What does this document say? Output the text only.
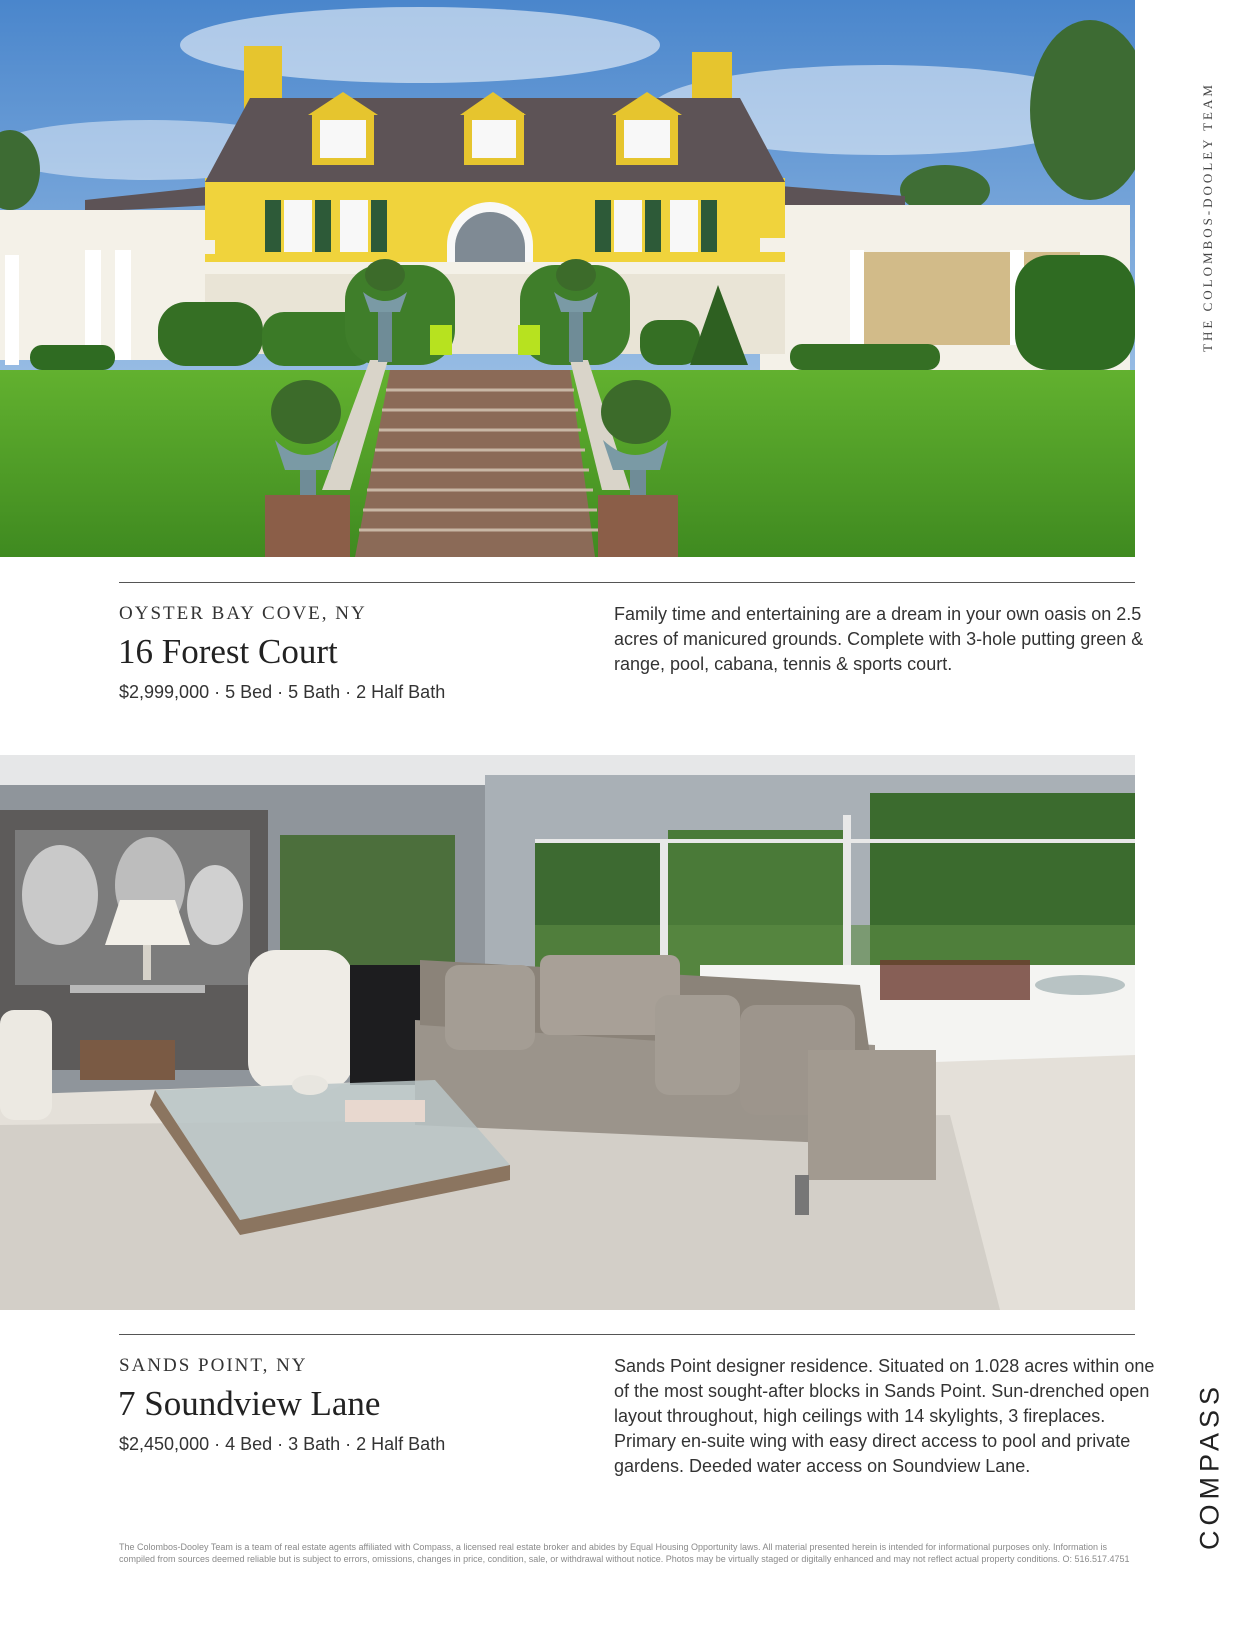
OYSTER BAY COVE, NY
16 Forest Court
$2,999,000 · 5 Bed · 5 Bath · 2 Half Bath
Family time and entertaining are a dream in your own oasis on 2.5 acres of manicured grounds. Complete with 3-hole putting green & range, pool, cabana, tennis & sports court.
SANDS POINT, NY
7 Soundview Lane
$2,450,000 · 4 Bed · 3 Bath · 2 Half Bath
Sands Point designer residence. Situated on 1.028 acres within one of the most sought-after blocks in Sands Point. Sun-drenched open layout throughout, high ceilings with 14 skylights, 3 fireplaces. Primary en-suite wing with easy direct access to pool and private gardens. Deeded water access on Soundview Lane.
THE COLOMBOS-DOOLEY TEAM
COMPASS
The Colombos-Dooley Team is a team of real estate agents affiliated with Compass, a licensed real estate broker and abides by Equal Housing Opportunity laws. All material presented herein is intended for informational purposes only. Information is compiled from sources deemed reliable but is subject to errors, omissions, changes in price, condition, sale, or withdrawal without notice. Photos may be virtually staged or digitally enhanced and may not reflect actual property conditions. O: 516.517.4751
